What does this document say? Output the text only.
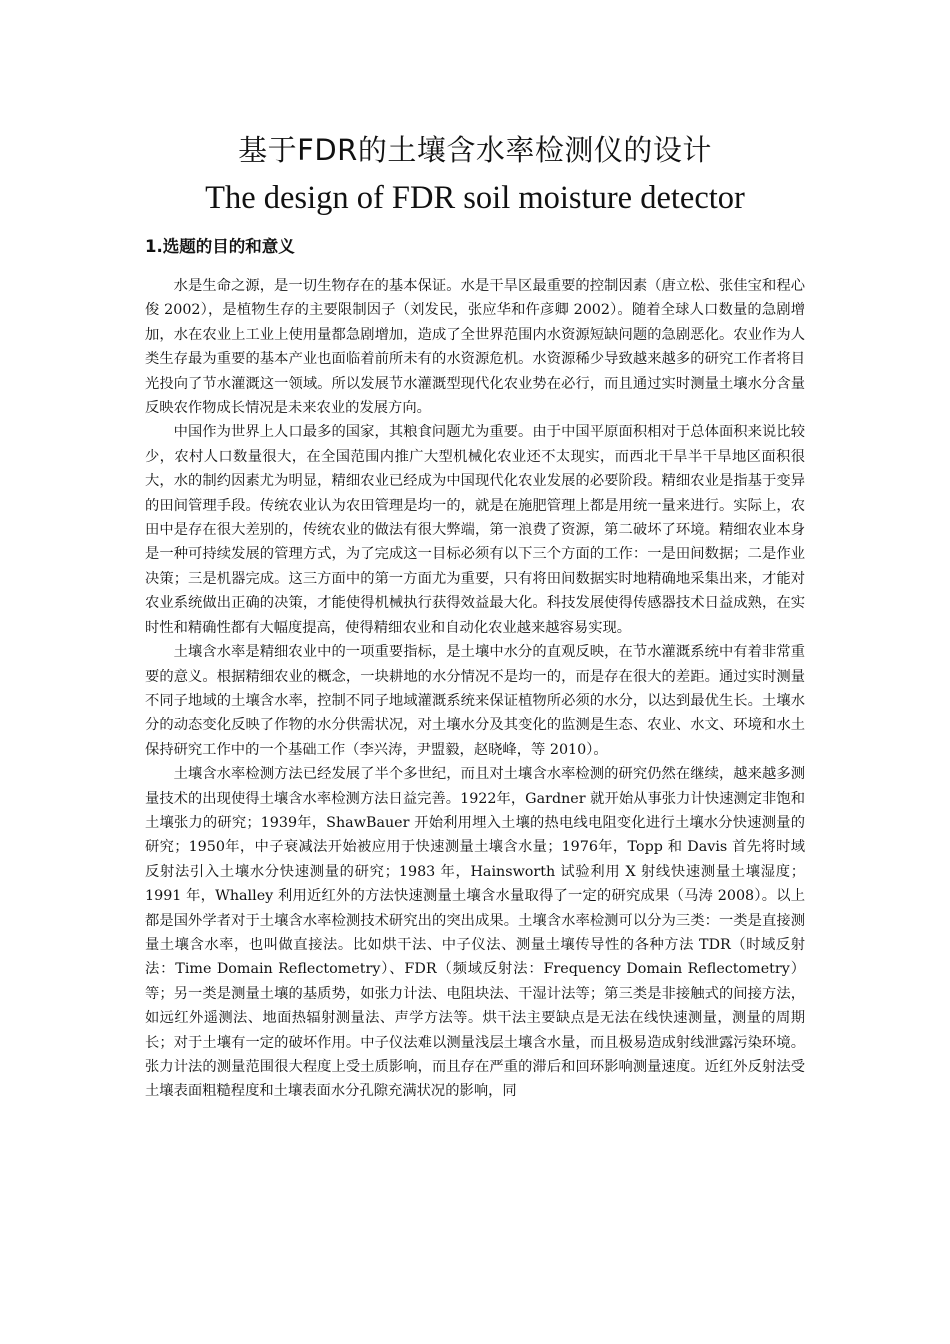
基于FDR的土壤含水率检测仪的设计
The design of FDR soil moisture detector
1.选题的目的和意义

水是生命之源，是一切生物存在的基本保证。水是干旱区最重要的控制因素（唐立松、张佳宝和程心俊 2002），是植物生存的主要限制因子（刘发民，张应华和仵彦卿 2002）。随着全球人口数量的急剧增加，水在农业上工业上使用量都急剧增加，造成了全世界范围内水资源短缺问题的急剧恶化。农业作为人类生存最为重要的基本产业也面临着前所未有的水资源危机。水资源稀少导致越来越多的研究工作者将目光投向了节水灌溉这一领域。所以发展节水灌溉型现代化农业势在必行，而且通过实时测量土壤水分含量反映农作物成长情况是未来农业的发展方向。

中国作为世界上人口最多的国家，其粮食问题尤为重要。由于中国平原面积相对于总体面积来说比较少，农村人口数量很大，在全国范围内推广大型机械化农业还不太现实，而西北干旱半干旱地区面积很大，水的制约因素尤为明显，精细农业已经成为中国现代化农业发展的必要阶段。精细农业是指基于变异的田间管理手段。传统农业认为农田管理是均一的，就是在施肥管理上都是用统一量来进行。实际上，农田中是存在很大差别的，传统农业的做法有很大弊端，第一浪费了资源，第二破坏了环境。精细农业本身是一种可持续发展的管理方式，为了完成这一目标必须有以下三个方面的工作：一是田间数据；二是作业决策；三是机器完成。这三方面中的第一方面尤为重要，只有将田间数据实时地精确地采集出来，才能对农业系统做出正确的决策，才能使得机械执行获得效益最大化。科技发展使得传感器技术日益成熟，在实时性和精确性都有大幅度提高，使得精细农业和自动化农业越来越容易实现。

土壤含水率是精细农业中的一项重要指标，是土壤中水分的直观反映，在节水灌溉系统中有着非常重要的意义。根据精细农业的概念，一块耕地的水分情况不是均一的，而是存在很大的差距。通过实时测量不同子地域的土壤含水率，控制不同子地域灌溉系统来保证植物所必须的水分，以达到最优生长。土壤水分的动态变化反映了作物的水分供需状况，对土壤水分及其变化的监测是生态、农业、水文、环境和水土保持研究工作中的一个基础工作（李兴涛，尹盟毅，赵晓峰，等 2010）。

土壤含水率检测方法已经发展了半个多世纪，而且对土壤含水率检测的研究仍然在继续，越来越多测量技术的出现使得土壤含水率检测方法日益完善。1922年，Gardner 就开始从事张力计快速测定非饱和土壤张力的研究；1939年，ShawBauer 开始利用埋入土壤的热电线电阻变化进行土壤水分快速测量的研究；1950年，中子衰减法开始被应用于快速测量土壤含水量；1976年，Topp 和 Davis 首先将时域反射法引入土壤水分快速测量的研究；1983 年，Hainsworth 试验利用 X 射线快速测量土壤湿度；1991 年，Whalley 利用近红外的方法快速测量土壤含水量取得了一定的研究成果（马涛 2008）。以上都是国外学者对于土壤含水率检测技术研究出的突出成果。土壤含水率检测可以分为三类：一类是直接测量土壤含水率，也叫做直接法。比如烘干法、中子仪法、测量土壤传导性的各种方法 TDR（时域反射法：Time Domain Reflectometry）、FDR（频域反射法：Frequency Domain Reflectometry）等；另一类是测量土壤的基质势，如张力计法、电阻块法、干湿计法等；第三类是非接触式的间接方法，如远红外遥测法、地面热辐射测量法、声学方法等。烘干法主要缺点是无法在线快速测量，测量的周期长；对于土壤有一定的破坏作用。中子仪法难以测量浅层土壤含水量，而且极易造成射线泄露污染环境。张力计法的测量范围很大程度上受土质影响，而且存在严重的滞后和回环影响测量速度。近红外反射法受土壤表面粗糙程度和土壤表面水分孔隙充满状况的影响，同
